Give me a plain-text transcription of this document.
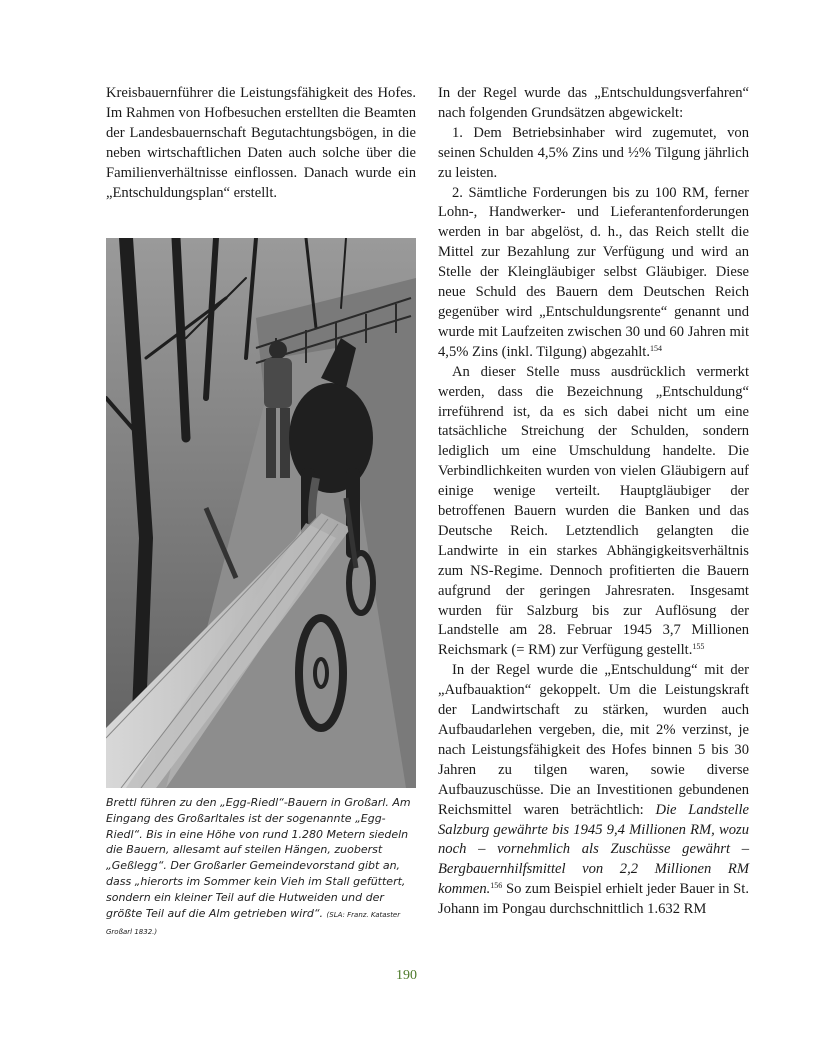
Kreisbauernführer die Leistungsfähigkeit des Hofes. Im Rahmen von Hofbesuchen erstellten die Beamten der Landesbauernschaft Begutachtungsbögen, in die neben wirtschaftlichen Daten auch solche über die Familienverhältnisse einflossen. Danach wurde ein „Entschuldungsplan“ erstellt.

Brettl führen zu den „Egg-Riedl“-Bauern in Großarl. Am Eingang des Großarltales ist der sogenannte „Egg-Riedl“. Bis in eine Höhe von rund 1.280 Metern siedeln die Bauern, allesamt auf steilen Hängen, zuoberst „Geßlegg“. Der Großarler Gemeindevorstand gibt an, dass „hierorts im Sommer kein Vieh im Stall gefüttert, sondern ein kleiner Teil auf die Hutweiden und der größte Teil auf die Alm getrieben wird“. (SLA: Franz. Kataster Großarl 1832.)

In der Regel wurde das „Entschuldungsverfahren“ nach folgenden Grundsätzen abgewickelt:

1. Dem Betriebsinhaber wird zugemutet, von seinen Schulden 4,5% Zins und ½% Tilgung jährlich zu leisten.

2. Sämtliche Forderungen bis zu 100 RM, ferner Lohn-, Handwerker- und Lieferantenforderungen werden in bar abgelöst, d. h., das Reich stellt die Mittel zur Bezahlung zur Verfügung und wird an Stelle der Kleingläubiger selbst Gläubiger. Diese neue Schuld des Bauern dem Deutschen Reich gegenüber wird „Entschuldungsrente“ genannt und wurde mit Laufzeiten zwischen 30 und 60 Jahren mit 4,5% Zins (inkl. Tilgung) abgezahlt.$^{154}$

An dieser Stelle muss ausdrücklich vermerkt werden, dass die Bezeichnung „Entschuldung“ irreführend ist, da es sich dabei nicht um eine tatsächliche Streichung der Schulden, sondern lediglich um eine Umschuldung handelte. Die Verbindlichkeiten wurden von vielen Gläubigern auf einige wenige verteilt. Hauptgläubiger der betroffenen Bauern wurden die Banken und das Deutsche Reich. Letztendlich gelangten die Landwirte in ein starkes Abhängigkeitsverhältnis zum NS-Regime. Dennoch profitierten die Bauern aufgrund der geringen Jahresraten. Insgesamt wurden für Salzburg bis zur Auflösung der Landstelle am 28. Februar 1945 3,7 Millionen Reichsmark (= RM) zur Verfügung gestellt.$^{155}$

In der Regel wurde die „Entschuldung“ mit der „Aufbauaktion“ gekoppelt. Um die Leistungskraft der Landwirtschaft zu stärken, wurden auch Aufbaudarlehen vergeben, die, mit 2% verzinst, je nach Leistungsfähigkeit des Hofes binnen 5 bis 30 Jahren zu tilgen waren, sowie diverse Aufbauzuschüsse. Die an Investitionen gebundenen Reichsmittel waren beträchtlich: Die Landstelle Salzburg gewährte bis 1945 9,4 Millionen RM, wozu noch – vornehmlich als Zuschüsse gewährt – Bergbauernhilfsmittel von 2,2 Millionen RM kommen.$^{156}$ So zum Beispiel erhielt jeder Bauer in St. Johann im Pongau durchschnittlich 1.632 RM

190
